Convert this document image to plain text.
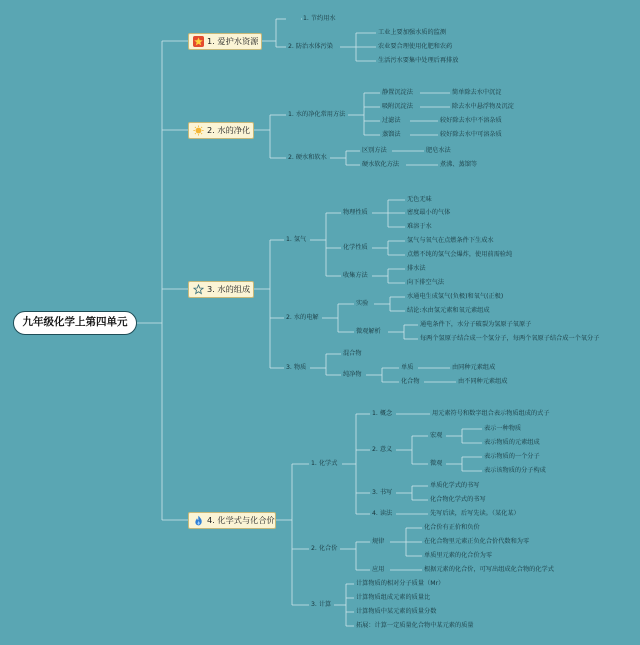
九年级化学上第四单元
1. 爱护水资源
2. 水的净化
3. 水的组成
4. 化学式与化合价
1. 节约用水
2. 防治水体污染
工业上要加强水质的监测
农业要合理使用化肥和农药
生活污水要集中处理后再排放
1. 水的净化常用方法
静置沉淀法	简单除去水中沉淀
吸附沉淀法	除去水中悬浮物及沉淀
过滤法	较好除去水中不溶杂质
蒸馏法	较好除去水中可溶杂质
2. 硬水和软水
区别方法	肥皂水法
硬水软化方法	煮沸、蒸馏等
1. 氢气
物理性质
无色无味
密度最小的气体
难溶于水
化学性质
氢气与氧气在点燃条件下生成水
点燃不纯的氢气会爆炸，使用前需验纯
收集方法
排水法
向下排空气法
2. 水的电解
实验
水通电生成氢气(负极)和氧气(正极)
结论:水由氢元素和氧元素组成
微观解析
通电条件下，水分子破裂为氢原子氧原子
每两个氢原子结合成一个氢分子，每两个氧原子结合成一个氧分子
3. 物质
混合物
纯净物
单质	由同种元素组成
化合物	由不同种元素组成
1. 化学式
1. 概念	用元素符号和数字组合表示物质组成的式子
2. 意义
宏观
表示一种物质
表示物质的元素组成
微观
表示物质的一个分子
表示该物质的分子构成
3. 书写
单质化学式的书写
化合物化学式的书写
4. 读法	先写后读，后写先读。（某化某）
2. 化合价
规律
化合价有正价和负价
在化合物里元素正负化合价代数和为零
单质里元素的化合价为零
应用	根据元素的化合价，可写出组成化合物的化学式
3. 计算
计算物质的相对分子质量（Mr）
计算物质组成元素的质量比
计算物质中某元素的质量分数
拓展：计算一定质量化合物中某元素的质量
